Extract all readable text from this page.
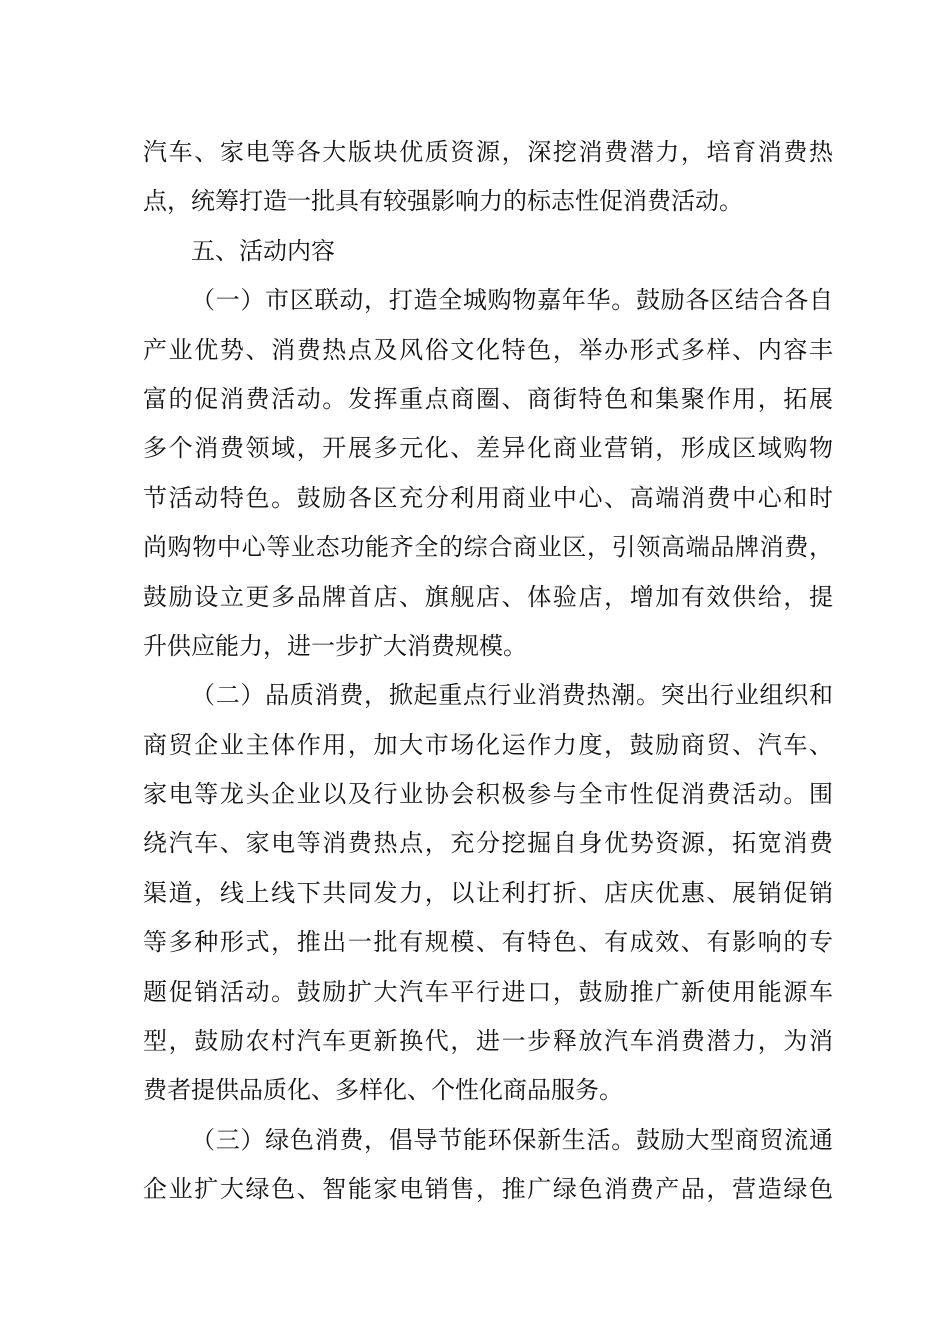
汽车、家电等各大版块优质资源，深挖消费潜力，培育消费热
点，统筹打造一批具有较强影响力的标志性促消费活动。
五、活动内容
（一）市区联动，打造全城购物嘉年华。鼓励各区结合各自
产业优势、消费热点及风俗文化特色，举办形式多样、内容丰
富的促消费活动。发挥重点商圈、商街特色和集聚作用，拓展
多个消费领域，开展多元化、差异化商业营销，形成区域购物
节活动特色。鼓励各区充分利用商业中心、高端消费中心和时
尚购物中心等业态功能齐全的综合商业区，引领高端品牌消费，
鼓励设立更多品牌首店、旗舰店、体验店，增加有效供给，提
升供应能力，进一步扩大消费规模。
（二）品质消费，掀起重点行业消费热潮。突出行业组织和
商贸企业主体作用，加大市场化运作力度，鼓励商贸、汽车、
家电等龙头企业以及行业协会积极参与全市性促消费活动。围
绕汽车、家电等消费热点，充分挖掘自身优势资源，拓宽消费
渠道，线上线下共同发力，以让利打折、店庆优惠、展销促销
等多种形式，推出一批有规模、有特色、有成效、有影响的专
题促销活动。鼓励扩大汽车平行进口，鼓励推广新使用能源车
型，鼓励农村汽车更新换代，进一步释放汽车消费潜力，为消
费者提供品质化、多样化、个性化商品服务。
（三）绿色消费，倡导节能环保新生活。鼓励大型商贸流通
企业扩大绿色、智能家电销售，推广绿色消费产品，营造绿色
